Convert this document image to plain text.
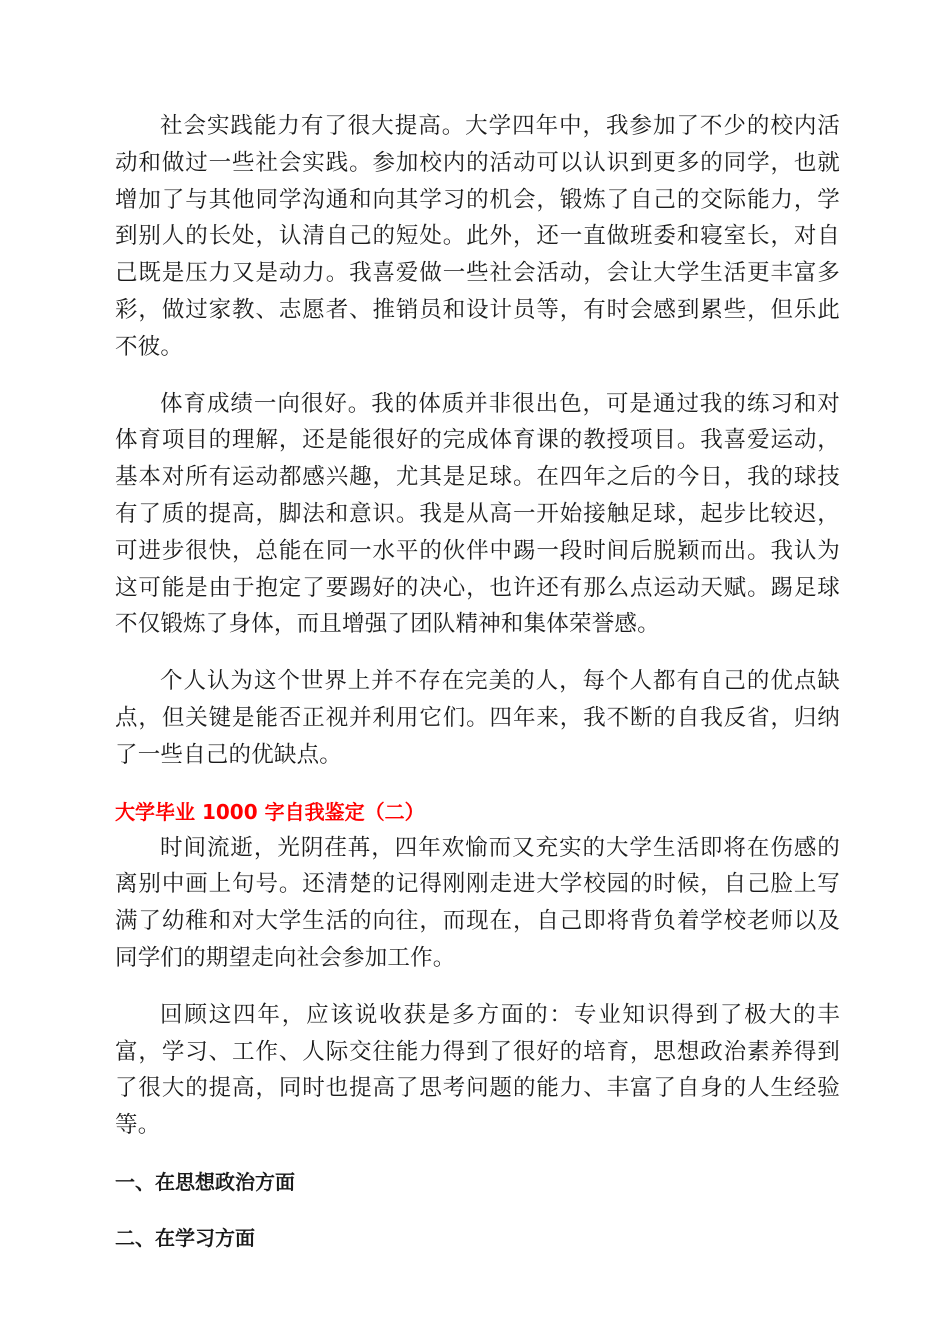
社会实践能力有了很大提高。大学四年中，我参加了不少的校内活动和做过一些社会实践。参加校内的活动可以认识到更多的同学，也就增加了与其他同学沟通和向其学习的机会，锻炼了自己的交际能力，学到别人的长处，认清自己的短处。此外，还一直做班委和寝室长，对自己既是压力又是动力。我喜爱做一些社会活动，会让大学生活更丰富多彩，做过家教、志愿者、推销员和设计员等，有时会感到累些，但乐此不彼。

体育成绩一向很好。我的体质并非很出色，可是通过我的练习和对体育项目的理解，还是能很好的完成体育课的教授项目。我喜爱运动，基本对所有运动都感兴趣，尤其是足球。在四年之后的今日，我的球技有了质的提高，脚法和意识。我是从高一开始接触足球，起步比较迟，可进步很快，总能在同一水平的伙伴中踢一段时间后脱颖而出。我认为这可能是由于抱定了要踢好的决心，也许还有那么点运动天赋。踢足球不仅锻炼了身体，而且增强了团队精神和集体荣誉感。

个人认为这个世界上并不存在完美的人，每个人都有自己的优点缺点，但关键是能否正视并利用它们。四年来，我不断的自我反省，归纳了一些自己的优缺点。

大学毕业 1000 字自我鉴定（二）

时间流逝，光阴荏苒，四年欢愉而又充实的大学生活即将在伤感的离别中画上句号。还清楚的记得刚刚走进大学校园的时候，自己脸上写满了幼稚和对大学生活的向往，而现在，自己即将背负着学校老师以及同学们的期望走向社会参加工作。

回顾这四年，应该说收获是多方面的：专业知识得到了极大的丰富，学习、工作、人际交往能力得到了很好的培育，思想政治素养得到了很大的提高，同时也提高了思考问题的能力、丰富了自身的人生经验等。

一、在思想政治方面
二、在学习方面
